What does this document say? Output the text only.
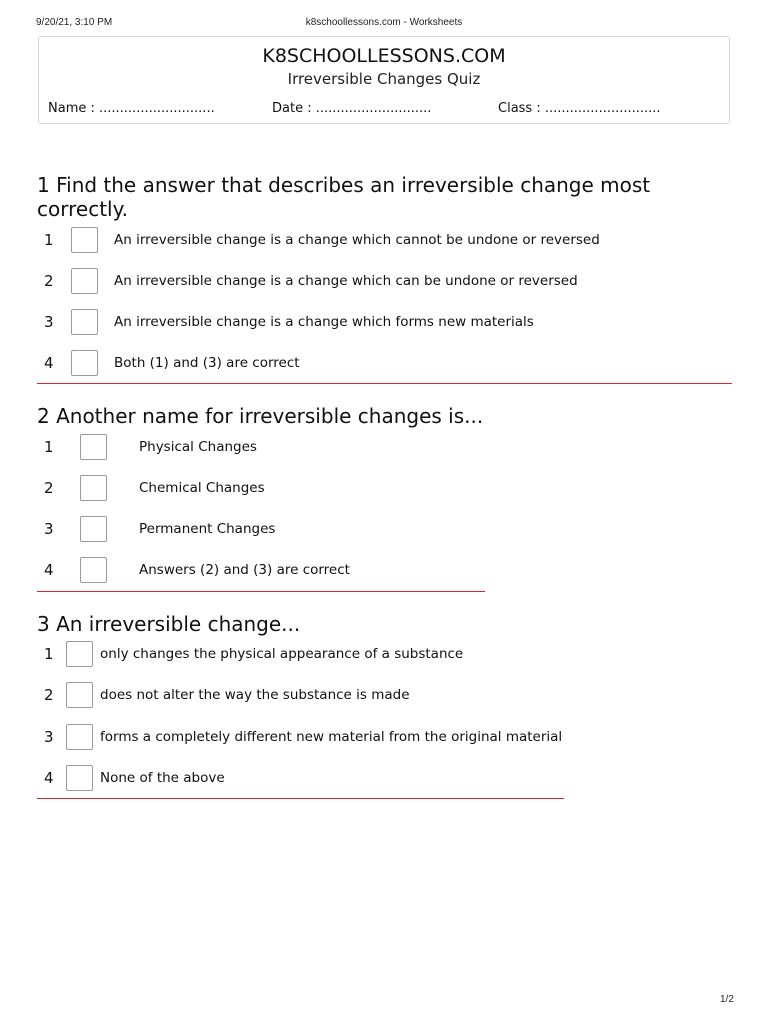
9/20/21, 3:10 PM	k8schoollessons.com - Worksheets
K8SCHOOLLESSONS.COM
Irreversible Changes Quiz
Name : ............................	Date : ............................	Class : ............................
1 Find the answer that describes an irreversible change most correctly.
1	An irreversible change is a change which cannot be undone or reversed
2	An irreversible change is a change which can be undone or reversed
3	An irreversible change is a change which forms new materials
4	Both (1) and (3) are correct
2 Another name for irreversible changes is...
1	Physical Changes
2	Chemical Changes
3	Permanent Changes
4	Answers (2) and (3) are correct
3 An irreversible change...
1	only changes the physical appearance of a substance
2	does not alter the way the substance is made
3	forms a completely different new material from the original material
4	None of the above
1/2
